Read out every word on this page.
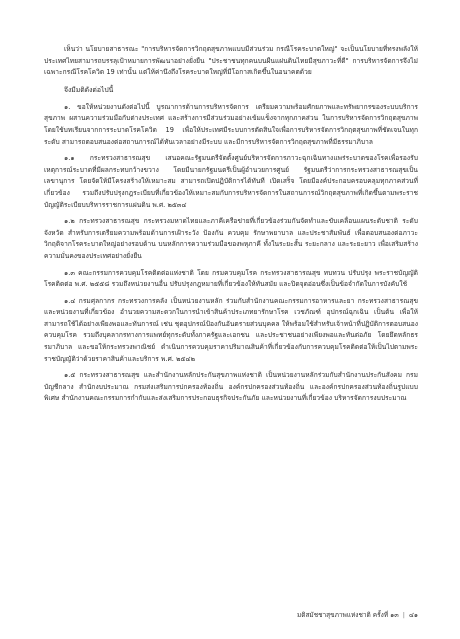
เห็นว่า นโยบายสาธารณะ "การบริหารจัดการวิกฤตสุขภาพแบบมีส่วนร่วม กรณีโรคระบาดใหญ่" จะเป็นนโยบายที่ทรงพลังให้ประเทศไทยสามารถบรรลุเป้าหมายการพัฒนาอย่างยั่งยืน "ประชาชนทุกคนบนผืนแผ่นดินไทยมีสุขภาวะที่ดี" การบริหารจัดการจึงไม่เฉพาะกรณีโรคโควิด 19 เท่านั้น แต่ให้ค่านึงถึงโรคระบาดใหญ่ที่มีโอกาสเกิดขึ้นในอนาคตด้วย

จึงมีมติดังต่อไปนี้

๑. ขอให้หน่วยงานดังต่อไปนี้ บูรณาการด้านการบริหารจัดการ เตรียมความพร้อมศักยภาพและทรัพยากรของระบบบริการสุขภาพ ผสานความร่วมมือกับต่างประเทศ และสร้างการมีส่วนร่วมอย่างเข้มแข็งจากทุกภาคส่วน ในการบริหารจัดการวิกฤตสุขภาพ โดยใช้บทเรียนจากการระบาดโรคโควิด 19 เพื่อให้ประเทศมีระบบการตัดสินใจเพื่อการบริหารจัดการวิกฤตสุขภาพที่ชัดเจนในทุกระดับ สามารถตอบสนองต่อสถานการณ์ได้ทันเวลาอย่างมีระบบ และมีการบริหารจัดการวิกฤตสุขภาพที่มีธรรมาภิบาล

๑.๑ กระทรวงสาธารณสุข เสนอคณะรัฐมนตรีจัดตั้งศูนย์บริหารจัดการภาวะฉุกเฉินทางแพร่ระบาดของโรคเพื่อรองรับเหตุการณ์ระบาดที่มีผลกระทบกว้างขวาง โดยมีนายกรัฐมนตรีเป็นผู้อำนวยการศูนย์ รัฐมนตรีว่าการกระทรวงสาธารณสุขเป็นเลขานุการ โดยจัดให้มีโครงสร้างให้เหมาะสม สามารถเปิดปฏิบัติการได้ทันที เปิดเสร็จ โดยมีองค์ประกอบครอบคลุมทุกภาคส่วนที่เกี่ยวข้อง รวมถึงปรับปรุงกฎระเบียบที่เกี่ยวข้องให้เหมาะสมกับการบริหารจัดการในสถานการณ์วิกฤตสุขภาพที่เกิดขึ้นตามพระราชบัญญัติระเบียบบริหารราชการแผ่นดิน พ.ศ. ๒๕๓๔

๑.๒ กระทรวงสาธารณสุข กระทรวงมหาดไทยและภาคีเครือข่ายที่เกี่ยวข้องร่วมกันจัดทำและขับเคลื่อนแผนระดับชาติ ระดับจังหวัด สำหรับการเตรียมความพร้อมด้านการเฝ้าระวัง ป้องกัน ควบคุม รักษาพยาบาล และประชาสัมพันธ์ เพื่อตอบสนองต่อภาวะวิกฤติจากโรคระบาดใหญ่อย่างรอบด้าน บนหลักการความร่วมมือของพหุภาคี ทั้งในระยะสั้น ระยะกลาง และระยะยาว เพื่อเสริมสร้างความมั่นคงของประเทศอย่างยั่งยืน

๑.๓ คณะกรรมการควบคุมโรคติดต่อแห่งชาติ โดย กรมควบคุมโรค กระทรวงสาธารณสุข ทบทวน ปรับปรุง พระราชบัญญัติโรคติดต่อ พ.ศ. ๒๕๕๘ รวมถึงหน่วยงานอื่น ปรับปรุงกฎหมายที่เกี่ยวข้องให้ทันสมัย และปิดจุดอ่อนซึ่งเป็นข้อจำกัดในการบังคับใช้

๑.๔ กรมศุลกากร กระทรวงการคลัง เป็นหน่วยงานหลัก ร่วมกับสำนักงานคณะกรรมการอาหารและยา กระทรวงสาธารณสุข และหน่วยงานที่เกี่ยวข้อง อำนวยความสะดวกในการนำเข้าสินค้าประเภทยารักษาโรค เวชภัณฑ์ อุปกรณ์ฉุกเฉิน เป็นต้น เพื่อให้สามารถใช้ได้อย่างเพียงพอและทันการณ์ เช่น ชุดอุปกรณ์ป้องกันอันตรายส่วนบุคคล ให้พร้อมใช้สำหรับเจ้าหน้าที่ปฏิบัติการตอบสนองควบคุมโรค รวมถึงบุคลากรทางการแพทย์ทุกระดับทั้งภาครัฐและเอกชน และประชาชนอย่างเพียงพอและทันต่อภัย โดยยึดหลักธรรมาภิบาล และขอให้กระทรวงพาณิชย์ ดำเนินการควบคุมราคาปริมาณสินค้าที่เกี่ยวข้องกับการควบคุมโรคติดต่อให้เป็นไปตามพระราชบัญญัติว่าด้วยราคาสินค้าและบริการ พ.ศ. ๒๕๔๒

๑.๕ กระทรวงสาธารณสุข และสำนักงานหลักประกันสุขภาพแห่งชาติ เป็นหน่วยงานหลักร่วมกับสำนักงานประกันสังคม กรมบัญชีกลาง สำนักงบประมาณ กรมส่งเสริมการปกครองท้องถิ่น องค์กรปกครองส่วนท้องถิ่น และองค์กรปกครองส่วนท้องถิ่นรูปแบบพิเศษ สำนักงานคณะกรรมการกำกับและส่งเสริมการประกอบธุรกิจประกันภัย และหน่วยงานที่เกี่ยวข้อง บริหารจัดการงบประมาณ

มติสมัชชาสุขภาพแห่งชาติ ครั้งที่ ๑๓ | ๔๑
